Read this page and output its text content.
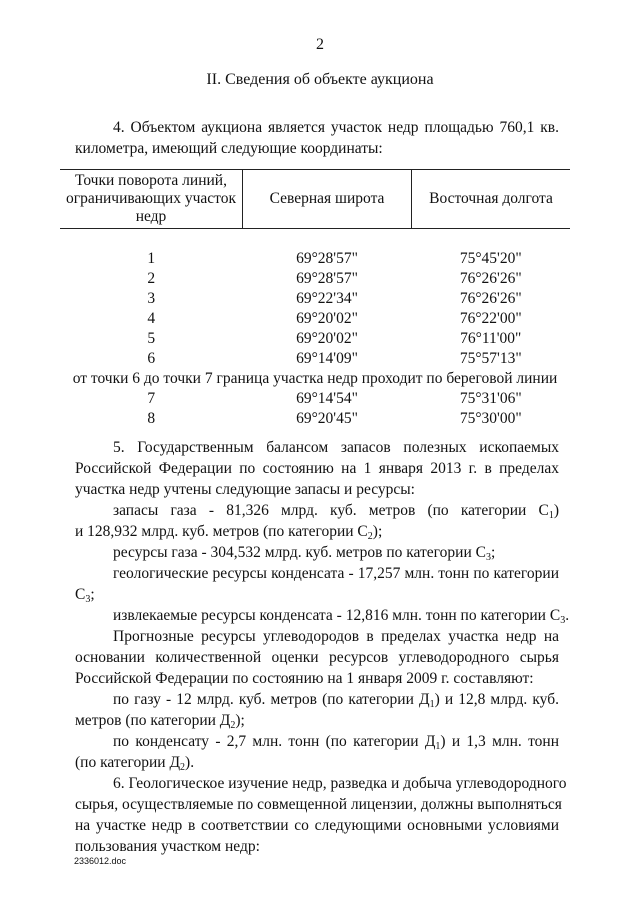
2
II. Сведения об объекте аукциона
4. Объектом аукциона является участок недр площадью 760,1 кв.
километра, имеющий следующие координаты:
Точки поворота линий, ограничивающих участок недр	Северная широта	Восточная долгота

1	69°28'57"	75°45'20"
2	69°28'57"	76°26'26"
3	69°22'34"	76°26'26"
4	69°20'02"	76°22'00"
5	69°20'02"	76°11'00"
6	69°14'09"	75°57'13"
от точки 6 до точки 7 граница участка недр проходит по береговой линии		
7	69°14'54"	75°31'06"
8	69°20'45"	75°30'00"
5. Государственным балансом запасов полезных ископаемых
Российской Федерации по состоянию на 1 января 2013 г. в пределах
участка недр учтены следующие запасы и ресурсы:
запасы газа - 81,326 млрд. куб. метров (по категории $С_1$)
и 128,932 млрд. куб. метров (по категории $С_2$);
ресурсы газа - 304,532 млрд. куб. метров по категории $С_3$;
геологические ресурсы конденсата - 17,257 млн. тонн по категории
$С_3$;
извлекаемые ресурсы конденсата - 12,816 млн. тонн по категории $С_3$.
Прогнозные ресурсы углеводородов в пределах участка недр на
основании количественной оценки ресурсов углеводородного сырья
Российской Федерации по состоянию на 1 января 2009 г. составляют:
по газу - 12 млрд. куб. метров (по категории $Д_1$) и 12,8 млрд. куб.
метров (по категории $Д_2$);
по конденсату - 2,7 млн. тонн (по категории $Д_1$) и 1,3 млн. тонн
(по категории $Д_2$).
6. Геологическое изучение недр, разведка и добыча углеводородного
сырья, осуществляемые по совмещенной лицензии, должны выполняться
на участке недр в соответствии со следующими основными условиями
пользования участком недр:
2336012.doc
